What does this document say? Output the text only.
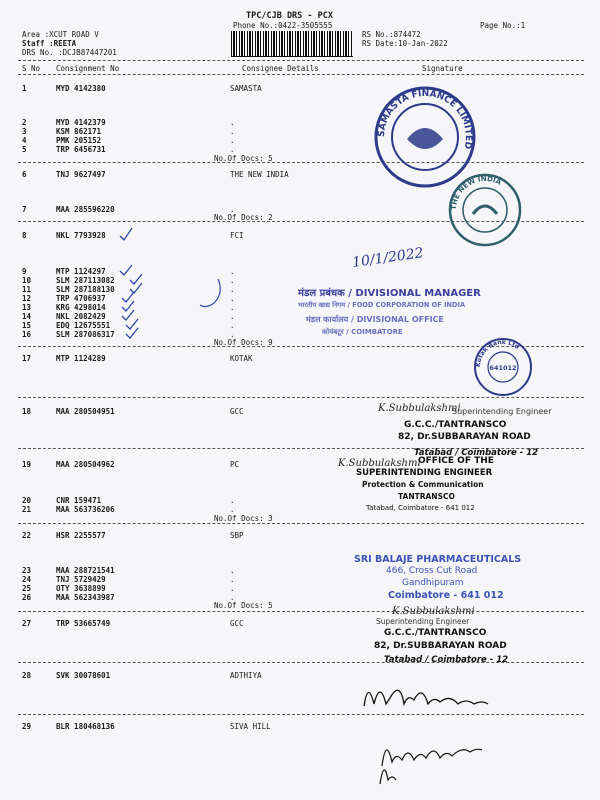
TPC/CJB DRS - PCX
Phone No.:0422-3505555	Page No.:1
Area :XCUT ROAD V
Staff :REETA
DRS No. :DCJB87447201
RS No.:874472
RS Date:10-Jan-2022
S No Consignment No	Consignee Details	Signature
1	MYD 4142380	SAMASTA
2	MYD 4142379	.
3	KSM 862171	.
4	PMK 205152	.
5	TRP 6456731	.
6	TNJ 9627497	THE NEW INDIA
7	MAA 285596220	.
8	NKL 7793928	FCI
9	MTP 1124297	.
10	SLM 287113082	.
11	SLM 287188130	.
12	TRP 4706937	.
13	KRG 4298014	.
14	NKL 2082429	.
15	EDQ 12675551	.
16	SLM 287086317	.
17	MTP 1124289	KOTAK
18	MAA 280504951	GCC
19	MAA 280504962	PC
20	CNR 159471	.
21	MAA 563736206	.
22	HSR 2255577	SBP
23	MAA 288721541	.
24	TNJ 5729429	.
25	OTY 3638899	.
26	MAA 562343987	.
27	TRP 53665749	GCC
28	SVK 30078601	ADTHIYA
29	BLR 180468136	SIVA HILL
No.Of Docs: 5
No.Of Docs: 2
No.Of Docs: 9
No.Of Docs: 3
No.Of Docs: 5
SAMASTA FINANCE LIMITED
THE NEW INDIA
10/1/2022
मंडल प्रबंधक / DIVISIONAL MANAGER
भारतीय खाद्य निगम / FOOD CORPORATION OF INDIA
मंडल कार्यालय / DIVISIONAL OFFICE
कोयंबटूर / COIMBATORE
Kotak Bank Ltd
641012
K.Subbulakshmi
Superintending Engineer
G.C.C./TANTRANSCO
82, Dr.SUBBARAYAN ROAD
Tatabad / Coimbatore - 12
K.Subbulakshmi
OFFICE OF THE
SUPERINTENDING ENGINEER
Protection & Communication
TANTRANSCO
Tatabad, Coimbatore - 641 012
SRI BALAJE PHARMACEUTICALS
466, Cross Cut Road
Gandhipuram
Coimbatore - 641 012
K.Subbulakshmi
Superintending Engineer
G.C.C./TANTRANSCO
82, Dr.SUBBARAYAN ROAD
Tatabad / Coimbatore - 12
